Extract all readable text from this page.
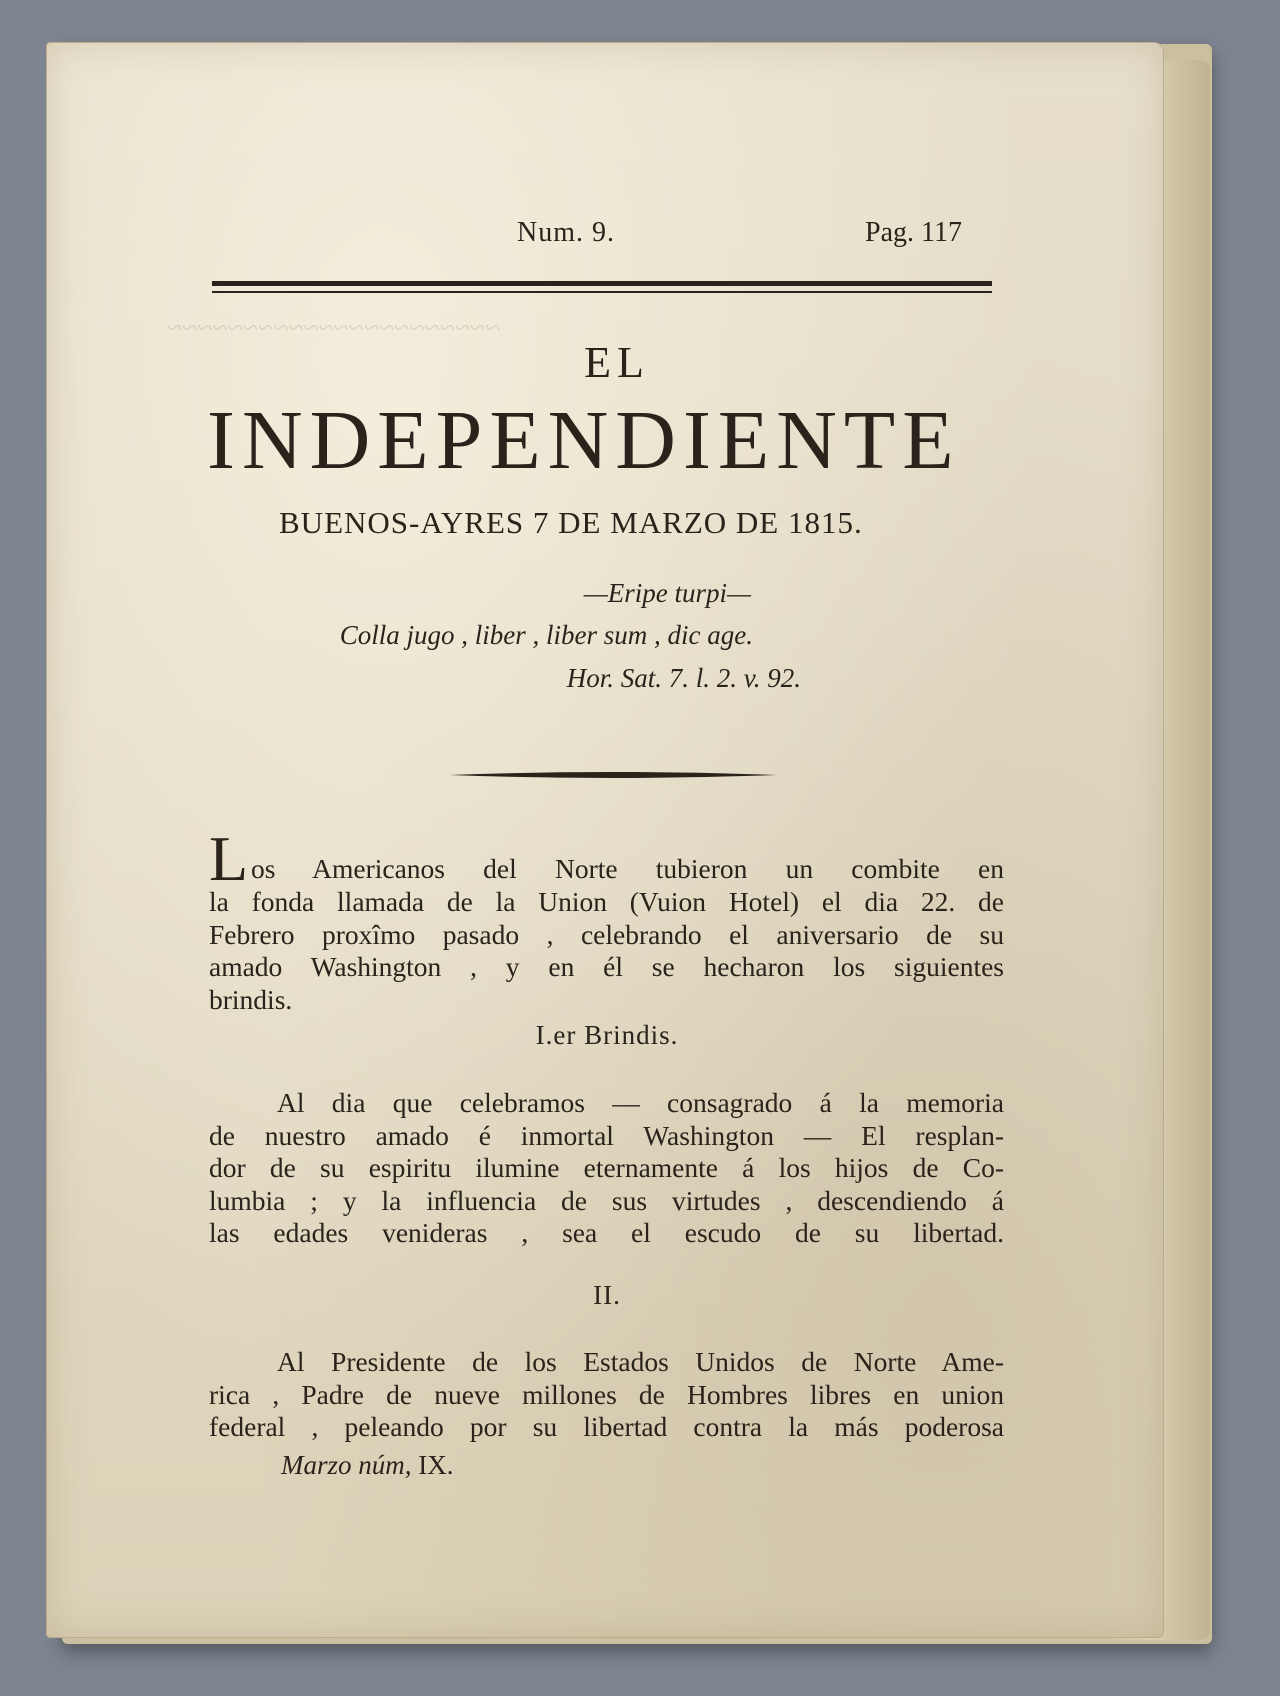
~~~~~~~~~~~~~~~~~~~~~~
Num. 9.	Pag. 117
EL
INDEPENDIENTE
BUENOS-AYRES 7 DE MARZO DE 1815.
—Eripe turpi—
Colla jugo , liber , liber sum , dic age.
Hor. Sat. 7. l. 2. v. 92.
L os Americanos del Norte tubieron un combite en
la fonda llamada de la Union (Vuion Hotel) el dia 22. de
Febrero proxîmo pasado , celebrando el aniversario de su
amado Washington , y en él se hecharon los siguientes
brindis.
I.er Brindis.
Al dia que celebramos — consagrado á la memoria
de nuestro amado é inmortal Washington — El resplan-
dor de su espiritu ilumine eternamente á los hijos de Co-
lumbia ; y la influencia de sus virtudes , descendiendo á
las edades venideras , sea el escudo de su libertad.
II.
Al Presidente de los Estados Unidos de Norte Ame-
rica , Padre de nueve millones de Hombres libres en union
federal , peleando por su libertad contra la más poderosa
Marzo núm, IX.
